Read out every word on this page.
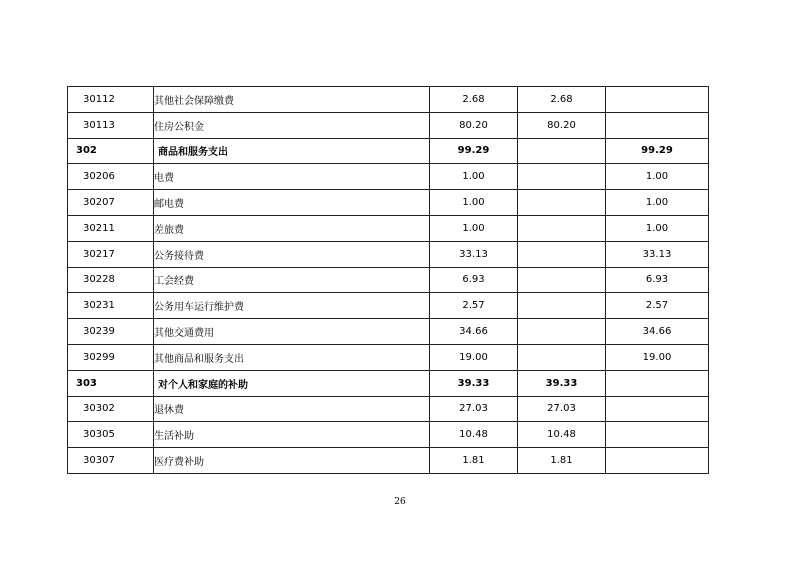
30112	其他社会保障缴费	2.68	2.68	
30113	住房公积金	80.20	80.20	
302	商品和服务支出	99.29		99.29
30206	电费	1.00		1.00
30207	邮电费	1.00		1.00
30211	差旅费	1.00		1.00
30217	公务接待费	33.13		33.13
30228	工会经费	6.93		6.93
30231	公务用车运行维护费	2.57		2.57
30239	其他交通费用	34.66		34.66
30299	其他商品和服务支出	19.00		19.00
303	对个人和家庭的补助	39.33	39.33	
30302	退休费	27.03	27.03	
30305	生活补助	10.48	10.48	
30307	医疗费补助	1.81	1.81	
26
